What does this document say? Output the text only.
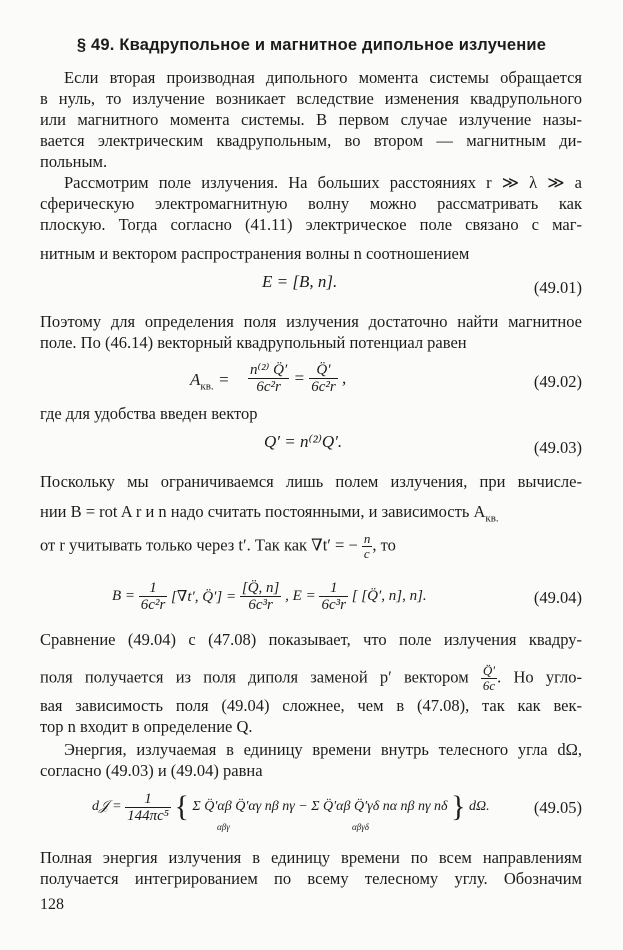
§ 49. Квадрупольное и магнитное дипольное излучение
Если вторая производная дипольного момента системы обращается
в нуль, то излучение возникает вследствие изменения квадрупольного
или магнитного момента системы. В первом случае излучение назы-
вается электрическим квадрупольным, во втором — магнитным ди-
польным.
Рассмотрим поле излучения. На больших расстояниях r ≫ λ ≫ a
сферическую электромагнитную волну можно рассматривать как
плоскую. Тогда согласно (41.11) электрическое поле связано с маг-
нитным и вектором распространения волны n соотношением
E = [B, n].	(49.01)
Поэтому для определения поля излучения достаточно найти магнитное
поле. По (46.14) векторный квадрупольный потенциал равен
$A_{кв.} = \frac{\text{n⁽²⁾ Q̈′}}{\text{6c²r}} = \frac{Q̈'}{\text{6c²r}}$ ,	(49.02)
где для удобства введен вектор
Q′ = n⁽²⁾Q′.	(49.03)
Поскольку мы ограничиваемся лишь полем излучения, при вычисле-
нии B = rot A r и n надо считать постоянными, и зависимость $A_{кв.}$
от r учитывать только через t′. Так как ∇t′ = − $\frac{n}{c}$ , то
$B = \frac{1}{\text{6c²r}} [\nabla t'$, Q̈′] = $\frac{[Q̈, n]}{\text{6c³r}}$ , $E = \frac{1}{\text{6c³r}}$ [ [Q̈′, n], n].	(49.04)
Сравнение (49.04) с (47.08) показывает, что поле излучения квадру-
поля получается из поля диполя заменой p′ вектором $\frac{Q̈'}{6c}$ . Но угло-
вая зависимость поля (49.04) сложнее, чем в (47.08), так как век-
тор n входит в определение Q.
Энергия, излучаемая в единицу времени внутрь телесного угла dΩ,
согласно (49.03) и (49.04) равна
d𝒥 = $\frac{1}{\text{144πc⁵}}$ { Σ Q̈′αβ Q̈′αγ nβ nγ − Σ Q̈′αβ Q̈′γδ nα nβ nγ nδ } dΩ.
αβγ	αβγδ
(49.05)
Полная энергия излучения в единицу времени по всем направлениям
получается интегрированием по всему телесному углу. Обозначим
128
